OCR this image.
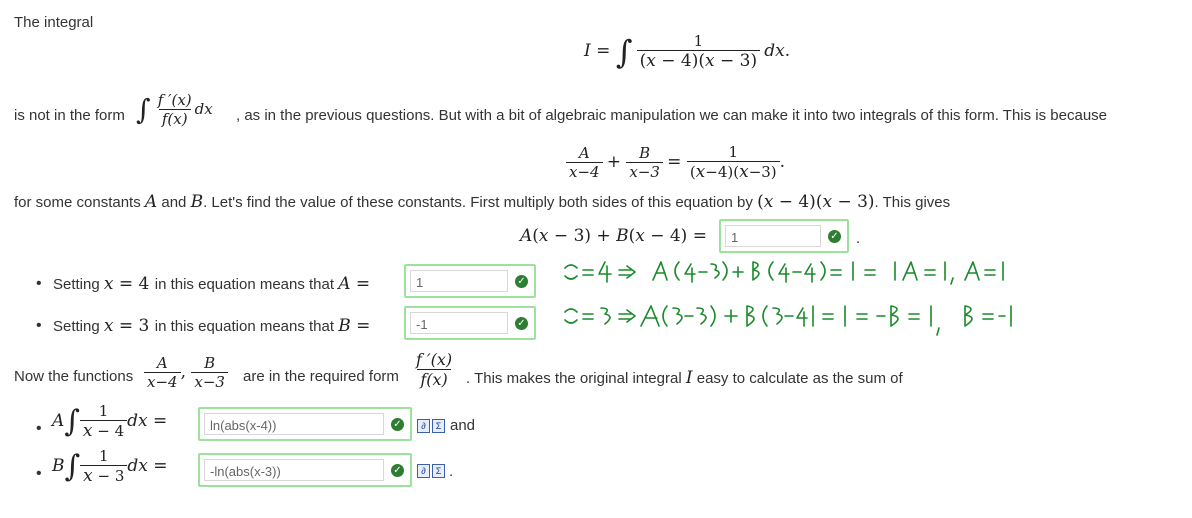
The integral
I = ∫ $\frac{1}{(x - 4)(x - 3)}$ dx.
is not in the form ∫ $\frac{f '(x)}{f(x)}$ dx , as in the previous questions. But with a bit of algebraic manipulation we can make it into two integrals of this form. This is because
$\frac{A}{x-4} + \frac{B}{x-3} = \frac{1}{(x-4)(x-3)}$ .
for some constants A and B. Let's find the value of these constants. First multiply both sides of this equation by (x − 4)(x − 3). This gives
A(x − 3) + B(x − 4) =	1	✓ .
• Setting x = 4 in this equation means that A =	1	✓
• Setting x = 3 in this equation means that B =	-1	✓
Now the functions $\frac{A}{x-4}$ , $\frac{B}{x-3}$ are in the required form $\frac{f '(x)}{f(x)}$ . This makes the original integral I easy to calculate as the sum of
• $A\int \frac{1}{x - 4}$ dx =	ln(abs(x-4))	✓	∂	Σ and
• $B\int \frac{1}{x - 3}$ dx =	-ln(abs(x-3))	✓	∂	Σ .
